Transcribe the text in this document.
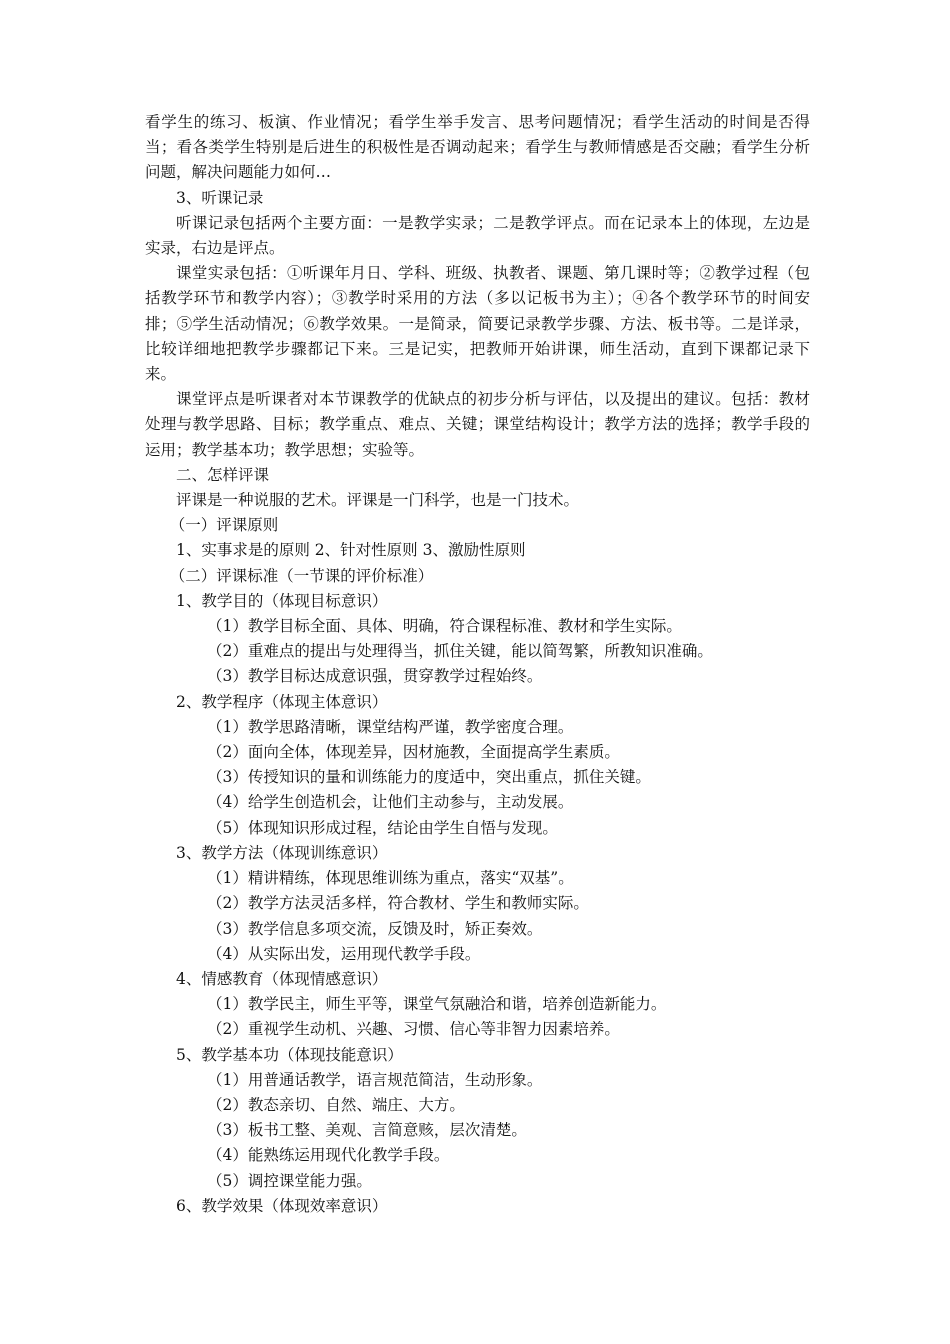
看学生的练习、板演、作业情况；看学生举手发言、思考问题情况；看学生活动的时间是否得当；看各类学生特别是后进生的积极性是否调动起来；看学生与教师情感是否交融；看学生分析问题，解决问题能力如何…

3、听课记录

听课记录包括两个主要方面：一是教学实录；二是教学评点。而在记录本上的体现，左边是实录，右边是评点。

课堂实录包括：①听课年月日、学科、班级、执教者、课题、第几课时等；②教学过程（包括教学环节和教学内容）；③教学时采用的方法（多以记板书为主）；④各个教学环节的时间安排；⑤学生活动情况；⑥教学效果。一是简录，简要记录教学步骤、方法、板书等。二是详录，比较详细地把教学步骤都记下来。三是记实，把教师开始讲课，师生活动，直到下课都记录下来。

课堂评点是听课者对本节课教学的优缺点的初步分析与评估，以及提出的建议。包括：教材处理与教学思路、目标；教学重点、难点、关键；课堂结构设计；教学方法的选择；教学手段的运用；教学基本功；教学思想；实验等。

二、怎样评课

评课是一种说服的艺术。评课是一门科学，也是一门技术。

（一）评课原则

1、实事求是的原则 2、针对性原则 3、激励性原则

（二）评课标准（一节课的评价标准）

1、教学目的（体现目标意识）

（1）教学目标全面、具体、明确，符合课程标准、教材和学生实际。

（2）重难点的提出与处理得当，抓住关键，能以简驾繁，所教知识准确。

（3）教学目标达成意识强，贯穿教学过程始终。

2、教学程序（体现主体意识）

（1）教学思路清晰，课堂结构严谨，教学密度合理。

（2）面向全体，体现差异，因材施教，全面提高学生素质。

（3）传授知识的量和训练能力的度适中，突出重点，抓住关键。

（4）给学生创造机会，让他们主动参与，主动发展。

（5）体现知识形成过程，结论由学生自悟与发现。

3、教学方法（体现训练意识）

（1）精讲精练，体现思维训练为重点，落实“双基”。

（2）教学方法灵活多样，符合教材、学生和教师实际。

（3）教学信息多项交流，反馈及时，矫正奏效。

（4）从实际出发，运用现代教学手段。

4、情感教育（体现情感意识）

（1）教学民主，师生平等，课堂气氛融洽和谐，培养创造新能力。

（2）重视学生动机、兴趣、习惯、信心等非智力因素培养。

5、教学基本功（体现技能意识）

（1）用普通话教学，语言规范简洁，生动形象。

（2）教态亲切、自然、端庄、大方。

（3）板书工整、美观、言简意赅，层次清楚。

（4）能熟练运用现代化教学手段。

（5）调控课堂能力强。

6、教学效果（体现效率意识）
